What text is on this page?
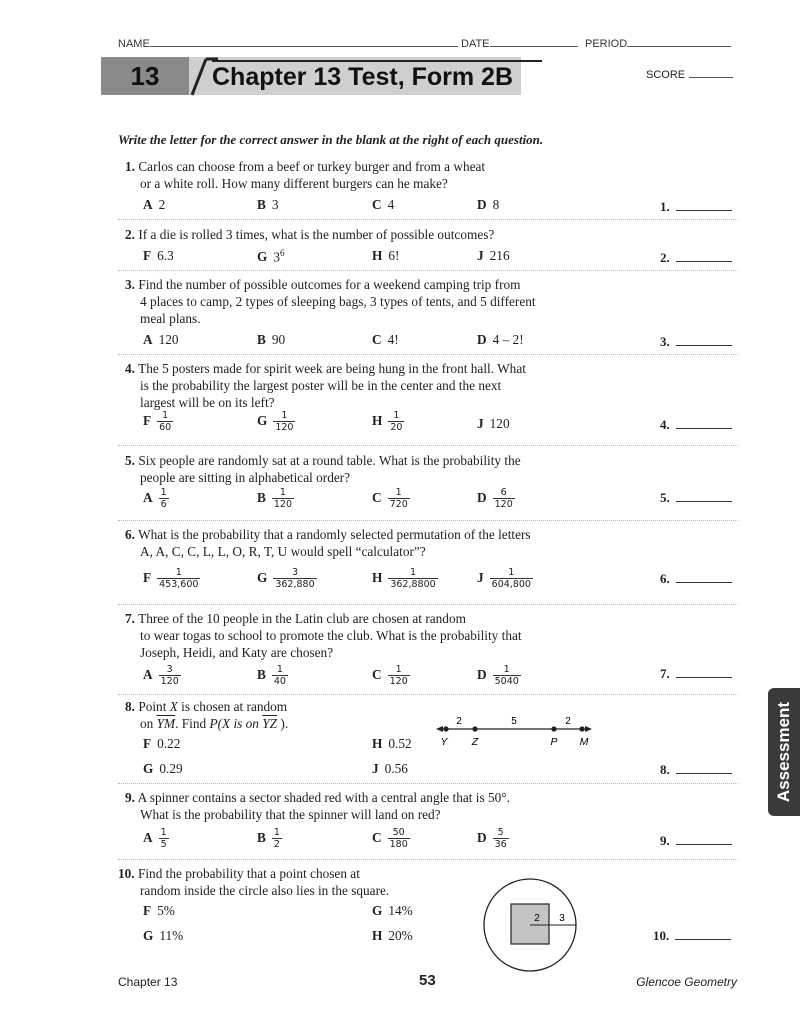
NAME	DATE	PERIOD
13	Chapter 13 Test, Form 2B	SCORE
Write the letter for the correct answer in the blank at the right of each question.
1. Carlos can choose from a beef or turkey burger and from a wheat
or a white roll. How many different burgers can he make?
A 2	B 3	C 4	D 8	1.
2. If a die is rolled 3 times, what is the number of possible outcomes?
F 6.3	G $3^6$	H 6!	J 216	2.
3. Find the number of possible outcomes for a weekend camping trip from
4 places to camp, 2 types of sleeping bags, 3 types of tents, and 5 different
meal plans.
A 120	B 90	C 4!	D 4 – 2!	3.
4. The 5 posters made for spirit week are being hung in the front hall. What
is the probability the largest poster will be in the center and the next
largest will be on its left?
F $\frac{1}{60}$	G $\frac{1}{120}$	H $\frac{1}{20}$	J 120	4.
5. Six people are randomly sat at a round table. What is the probability the
people are sitting in alphabetical order?
A $\frac{1}{6}$	B $\frac{1}{120}$	C $\frac{1}{720}$	D $\frac{6}{120}$	5.
6. What is the probability that a randomly selected permutation of the letters
A, A, C, C, L, L, O, R, T, U would spell “calculator”?
F $\frac{1}{453,600}$	G $\frac{3}{362,880}$	H $\frac{1}{362,8800}$	J $\frac{1}{604,800}$	6.
7. Three of the 10 people in the Latin club are chosen at random
to wear togas to school to promote the club. What is the probability that
Joseph, Heidi, and Katy are chosen?
A $\frac{3}{120}$	B $\frac{1}{40}$	C $\frac{1}{120}$	D $\frac{1}{5040}$	7.
8. Point X is chosen at random
on $\overline{YM}$. Find P(X is on $\overline{YZ}$ ).
F 0.22	H 0.52
G 0.29	J 0.56
2	5	2
Y Z	P M
8.
9. A spinner contains a sector shaded red with a central angle that is 50°.
What is the probability that the spinner will land on red?
A $\frac{1}{5}$	B $\frac{1}{2}$	C $\frac{50}{180}$	D $\frac{5}{36}$	9.
10. Find the probability that a point chosen at
random inside the circle also lies in the square.
F 5%	G 14%
G 11%	H 20%
2 3
10.
Assessment
Chapter 13	53	Glencoe Geometry
